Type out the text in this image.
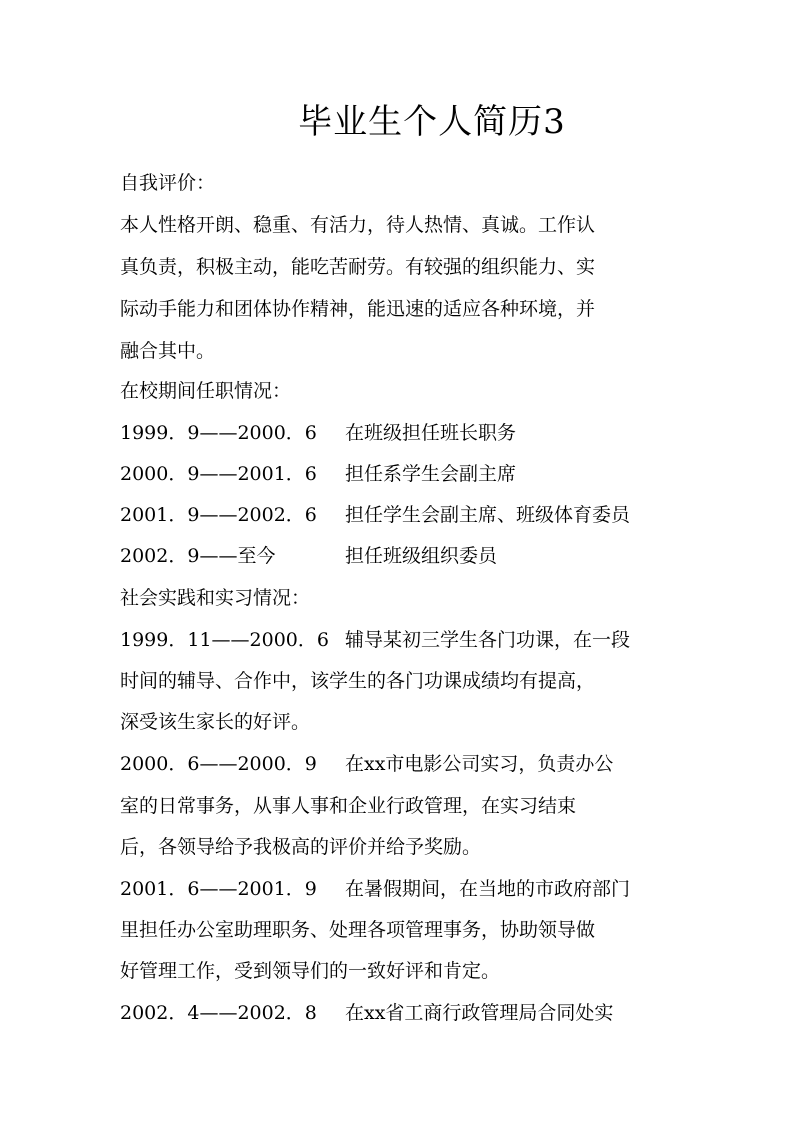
毕业生个人简历3
自我评价：
本人性格开朗、稳重、有活力，待人热情、真诚。工作认
真负责，积极主动，能吃苦耐劳。有较强的组织能力、实
际动手能力和团体协作精神，能迅速的适应各种环境，并
融合其中。
在校期间任职情况：
1999．9——2000．6 在班级担任班长职务
2000．9——2001．6 担任系学生会副主席
2001．9——2002．6 担任学生会副主席、班级体育委员
2002．9——至今	担任班级组织委员
社会实践和实习情况：
1999．11——2000．6 辅导某初三学生各门功课，在一段
时间的辅导、合作中，该学生的各门功课成绩均有提高，
深受该生家长的好评。
2000．6——2000．9 在xx市电影公司实习，负责办公
室的日常事务，从事人事和企业行政管理，在实习结束
后，各领导给予我极高的评价并给予奖励。
2001．6——2001．9 在暑假期间，在当地的市政府部门
里担任办公室助理职务、处理各项管理事务，协助领导做
好管理工作，受到领导们的一致好评和肯定。
2002．4——2002．8 在xx省工商行政管理局合同处实
